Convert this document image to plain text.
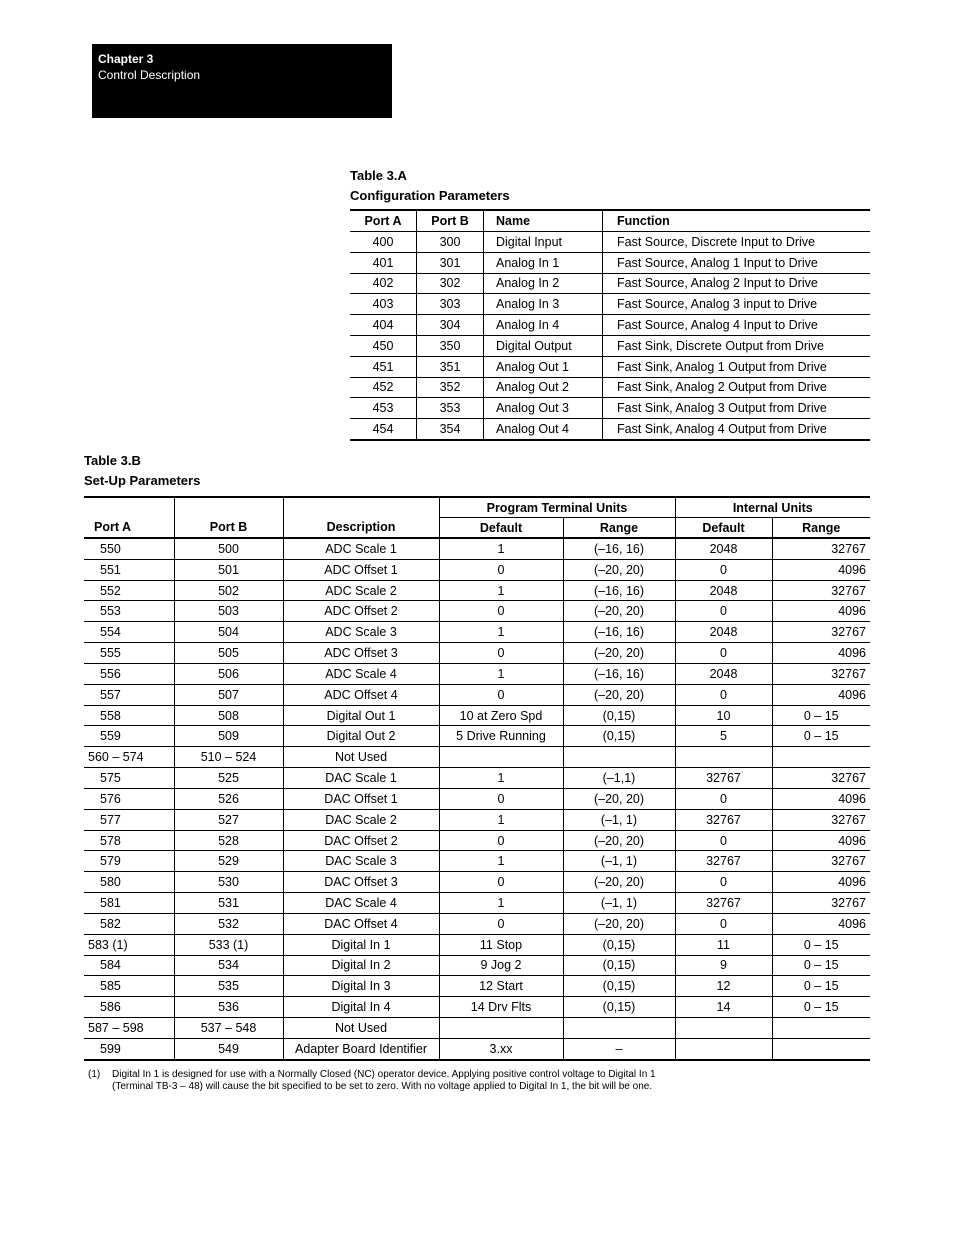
Chapter 3
Control Description
Table 3.A
Configuration Parameters
Port A	Port B	Name	Function
400	300	Digital Input	Fast Source, Discrete Input to Drive
401	301	Analog In 1	Fast Source, Analog 1 Input to Drive
402	302	Analog In 2	Fast Source, Analog 2 Input to Drive
403	303	Analog In 3	Fast Source, Analog 3 input to Drive
404	304	Analog In 4	Fast Source, Analog 4 Input to Drive
450	350	Digital Output	Fast Sink, Discrete Output from Drive
451	351	Analog Out 1	Fast Sink, Analog 1 Output from Drive
452	352	Analog Out 2	Fast Sink, Analog 2 Output from Drive
453	353	Analog Out 3	Fast Sink, Analog 3 Output from Drive
454	354	Analog Out 4	Fast Sink, Analog 4 Output from Drive
Table 3.B
Set-Up Parameters
			Program Terminal Units		Internal Units	
Port A	Port B	Description	Default	Range	Default	Range
550	500	ADC Scale 1	1	(–16, 16)	2048	32767
551	501	ADC Offset 1	0	(–20, 20)	0	4096
552	502	ADC Scale 2	1	(–16, 16)	2048	32767
553	503	ADC Offset 2	0	(–20, 20)	0	4096
554	504	ADC Scale 3	1	(–16, 16)	2048	32767
555	505	ADC Offset 3	0	(–20, 20)	0	4096
556	506	ADC Scale 4	1	(–16, 16)	2048	32767
557	507	ADC Offset 4	0	(–20, 20)	0	4096
558	508	Digital Out 1	10 at Zero Spd	(0,15)	10	0 – 15
559	509	Digital Out 2	5 Drive Running	(0,15)	5	0 – 15
560 – 574	510 – 524	Not Used				
575	525	DAC Scale 1	1	(–1,1)	32767	32767
576	526	DAC Offset 1	0	(–20, 20)	0	4096
577	527	DAC Scale 2	1	(–1, 1)	32767	32767
578	528	DAC Offset 2	0	(–20, 20)	0	4096
579	529	DAC Scale 3	1	(–1, 1)	32767	32767
580	530	DAC Offset 3	0	(–20, 20)	0	4096
581	531	DAC Scale 4	1	(–1, 1)	32767	32767
582	532	DAC Offset 4	0	(–20, 20)	0	4096
583 (1)	533 (1)	Digital In 1	11 Stop	(0,15)	11	0 – 15
584	534	Digital In 2	9 Jog 2	(0,15)	9	0 – 15
585	535	Digital In 3	12 Start	(0,15)	12	0 – 15
586	536	Digital In 4	14 Drv Flts	(0,15)	14	0 – 15
587 – 598	537 – 548	Not Used				
599	549	Adapter Board Identifier	3.xx	–		
(1) Digital In 1 is designed for use with a Normally Closed (NC) operator device. Applying positive control voltage to Digital In 1
(Terminal TB-3 – 48) will cause the bit specified to be set to zero. With no voltage applied to Digital In 1, the bit will be one.
